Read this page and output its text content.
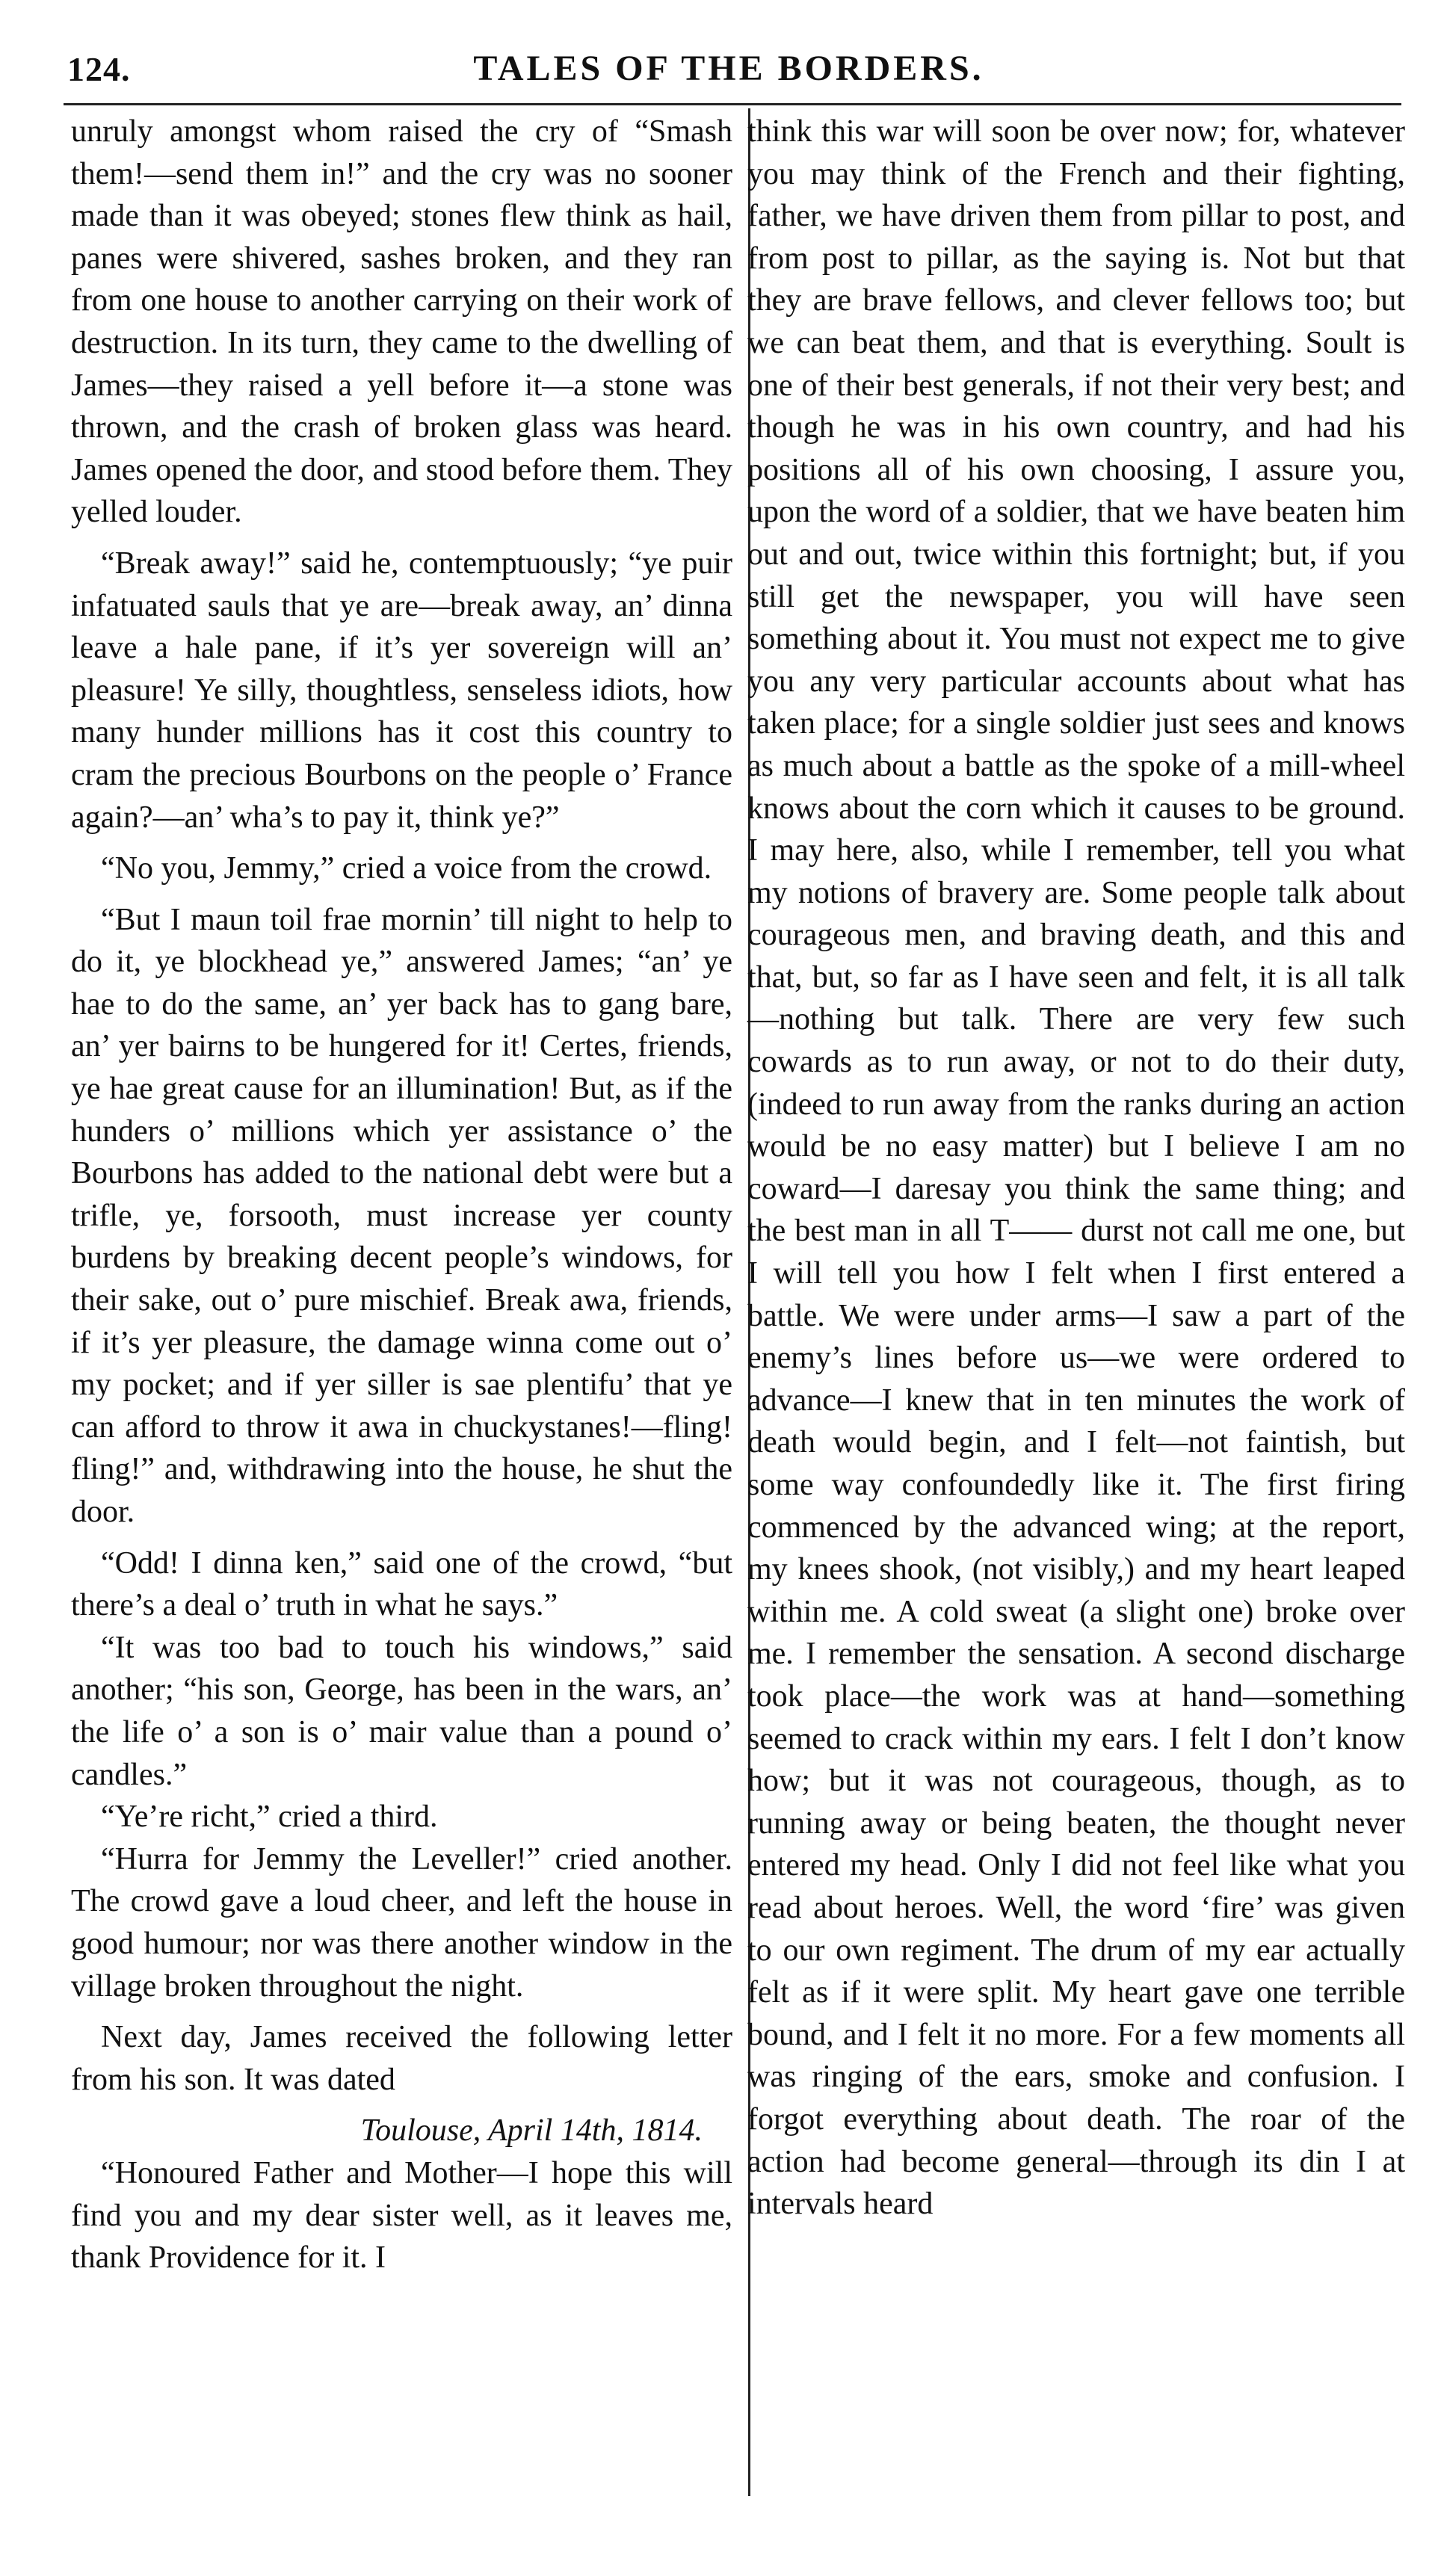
124.	TALES OF THE BORDERS.

unruly amongst whom raised the cry of “Smash them!—send them in!” and the cry was no sooner made than it was obeyed; stones flew think as hail, panes were shivered, sashes broken, and they ran from one house to another carrying on their work of destruction. In its turn, they came to the dwelling of James—they raised a yell before it—a stone was thrown, and the crash of broken glass was heard. James opened the door, and stood before them. They yelled louder.

“Break away!” said he, contemptuously; “ye puir infatuated sauls that ye are—break away, an’ dinna leave a hale pane, if it’s yer sovereign will an’ pleasure! Ye silly, thoughtless, senseless idiots, how many hunder millions has it cost this country to cram the precious Bourbons on the people o’ France again?—an’ wha’s to pay it, think ye?”

“No you, Jemmy,” cried a voice from the crowd.

“But I maun toil frae mornin’ till night to help to do it, ye blockhead ye,” answered James; “an’ ye hae to do the same, an’ yer back has to gang bare, an’ yer bairns to be hungered for it! Certes, friends, ye hae great cause for an illumination! But, as if the hunders o’ millions which yer assistance o’ the Bourbons has added to the national debt were but a trifle, ye, forsooth, must increase yer county burdens by breaking decent people’s windows, for their sake, out o’ pure mischief. Break awa, friends, if it’s yer pleasure, the damage winna come out o’ my pocket; and if yer siller is sae plentifu’ that ye can afford to throw it awa in chuckystanes!—fling! fling!” and, withdrawing into the house, he shut the door.

“Odd! I dinna ken,” said one of the crowd, “but there’s a deal o’ truth in what he says.”

“It was too bad to touch his windows,” said another; “his son, George, has been in the wars, an’ the life o’ a son is o’ mair value than a pound o’ candles.”

“Ye’re richt,” cried a third.

“Hurra for Jemmy the Leveller!” cried another. The crowd gave a loud cheer, and left the house in good humour; nor was there another window in the village broken throughout the night.

Next day, James received the following letter from his son. It was dated

Toulouse, April 14th, 1814.

“Honoured Father and Mother—I hope this will find you and my dear sister well, as it leaves me, thank Providence for it. I

think this war will soon be over now; for, whatever you may think of the French and their fighting, father, we have driven them from pillar to post, and from post to pillar, as the saying is. Not but that they are brave fellows, and clever fellows too; but we can beat them, and that is everything. Soult is one of their best generals, if not their very best; and though he was in his own country, and had his positions all of his own choosing, I assure you, upon the word of a soldier, that we have beaten him out and out, twice within this fortnight; but, if you still get the newspaper, you will have seen something about it. You must not expect me to give you any very particular accounts about what has taken place; for a single soldier just sees and knows as much about a battle as the spoke of a mill-wheel knows about the corn which it causes to be ground. I may here, also, while I remember, tell you what my notions of bravery are. Some people talk about courageous men, and braving death, and this and that, but, so far as I have seen and felt, it is all talk—nothing but talk. There are very few such cowards as to run away, or not to do their duty, (indeed to run away from the ranks during an action would be no easy matter) but I believe I am no coward—I daresay you think the same thing; and the best man in all T—— durst not call me one, but I will tell you how I felt when I first entered a battle. We were under arms—I saw a part of the enemy’s lines before us—we were ordered to advance—I knew that in ten minutes the work of death would begin, and I felt—not faintish, but some way confoundedly like it. The first firing commenced by the advanced wing; at the report, my knees shook, (not visibly,) and my heart leaped within me. A cold sweat (a slight one) broke over me. I remember the sensation. A second discharge took place—the work was at hand—something seemed to crack within my ears. I felt I don’t know how; but it was not courageous, though, as to running away or being beaten, the thought never entered my head. Only I did not feel like what you read about heroes. Well, the word ‘fire’ was given to our own regiment. The drum of my ear actually felt as if it were split. My heart gave one terrible bound, and I felt it no more. For a few moments all was ringing of the ears, smoke and confusion. I forgot everything about death. The roar of the action had become general—through its din I at intervals heard
